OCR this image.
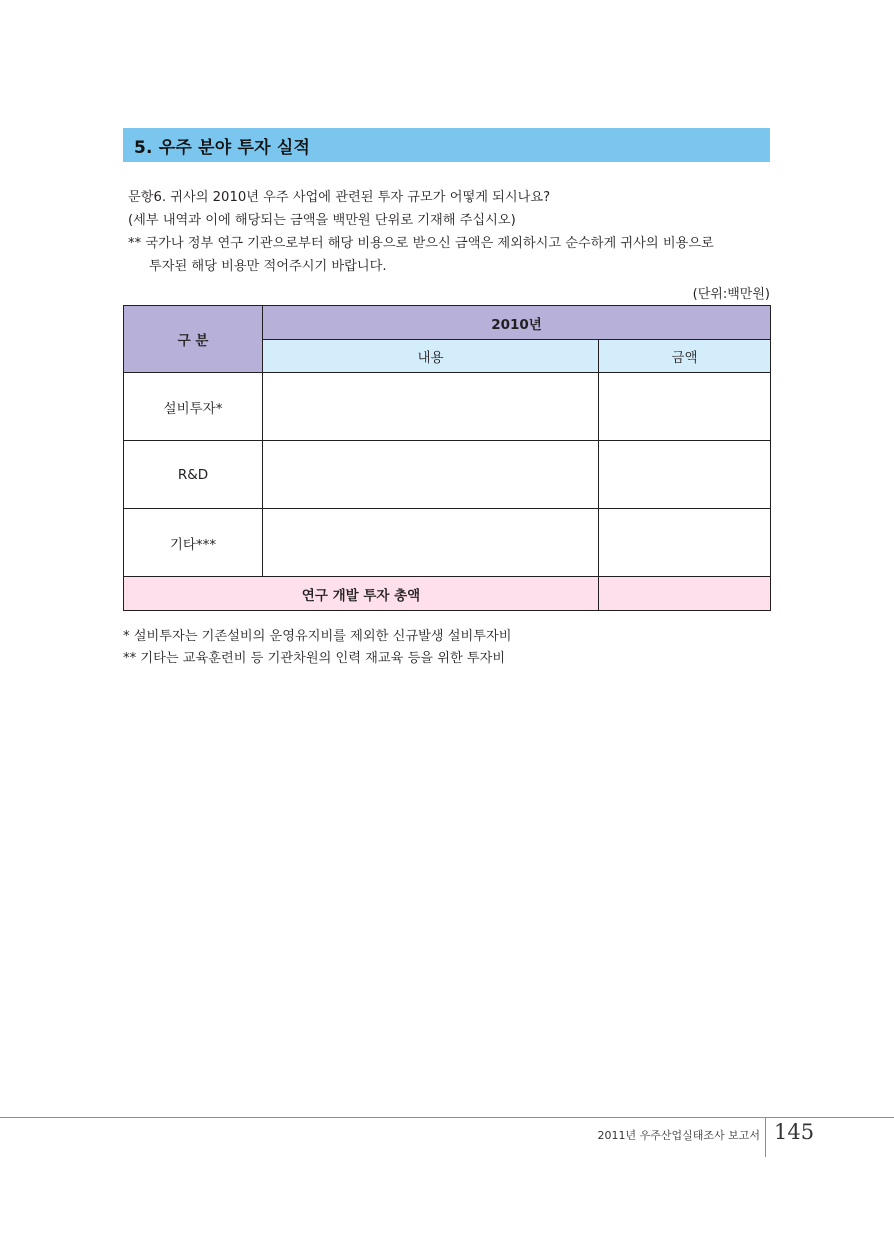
5. 우주 분야 투자 실적
문항6. 귀사의 2010년 우주 사업에 관련된 투자 규모가 어떻게 되시나요?
(세부 내역과 이에 해당되는 금액을 백만원 단위로 기재해 주십시오)
** 국가나 정부 연구 기관으로부터 해당 비용으로 받으신 금액은 제외하시고 순수하게 귀사의 비용으로
투자된 해당 비용만 적어주시기 바랍니다.
(단위:백만원)
구 분	2010년	
	내용	금액
설비투자*		
R&D		
기타***		
연구 개발 투자 총액		
* 설비투자는 기존설비의 운영유지비를 제외한 신규발생 설비투자비
** 기타는 교육훈련비 등 기관차원의 인력 재교육 등을 위한 투자비
2011년 우주산업실태조사 보고서 145
